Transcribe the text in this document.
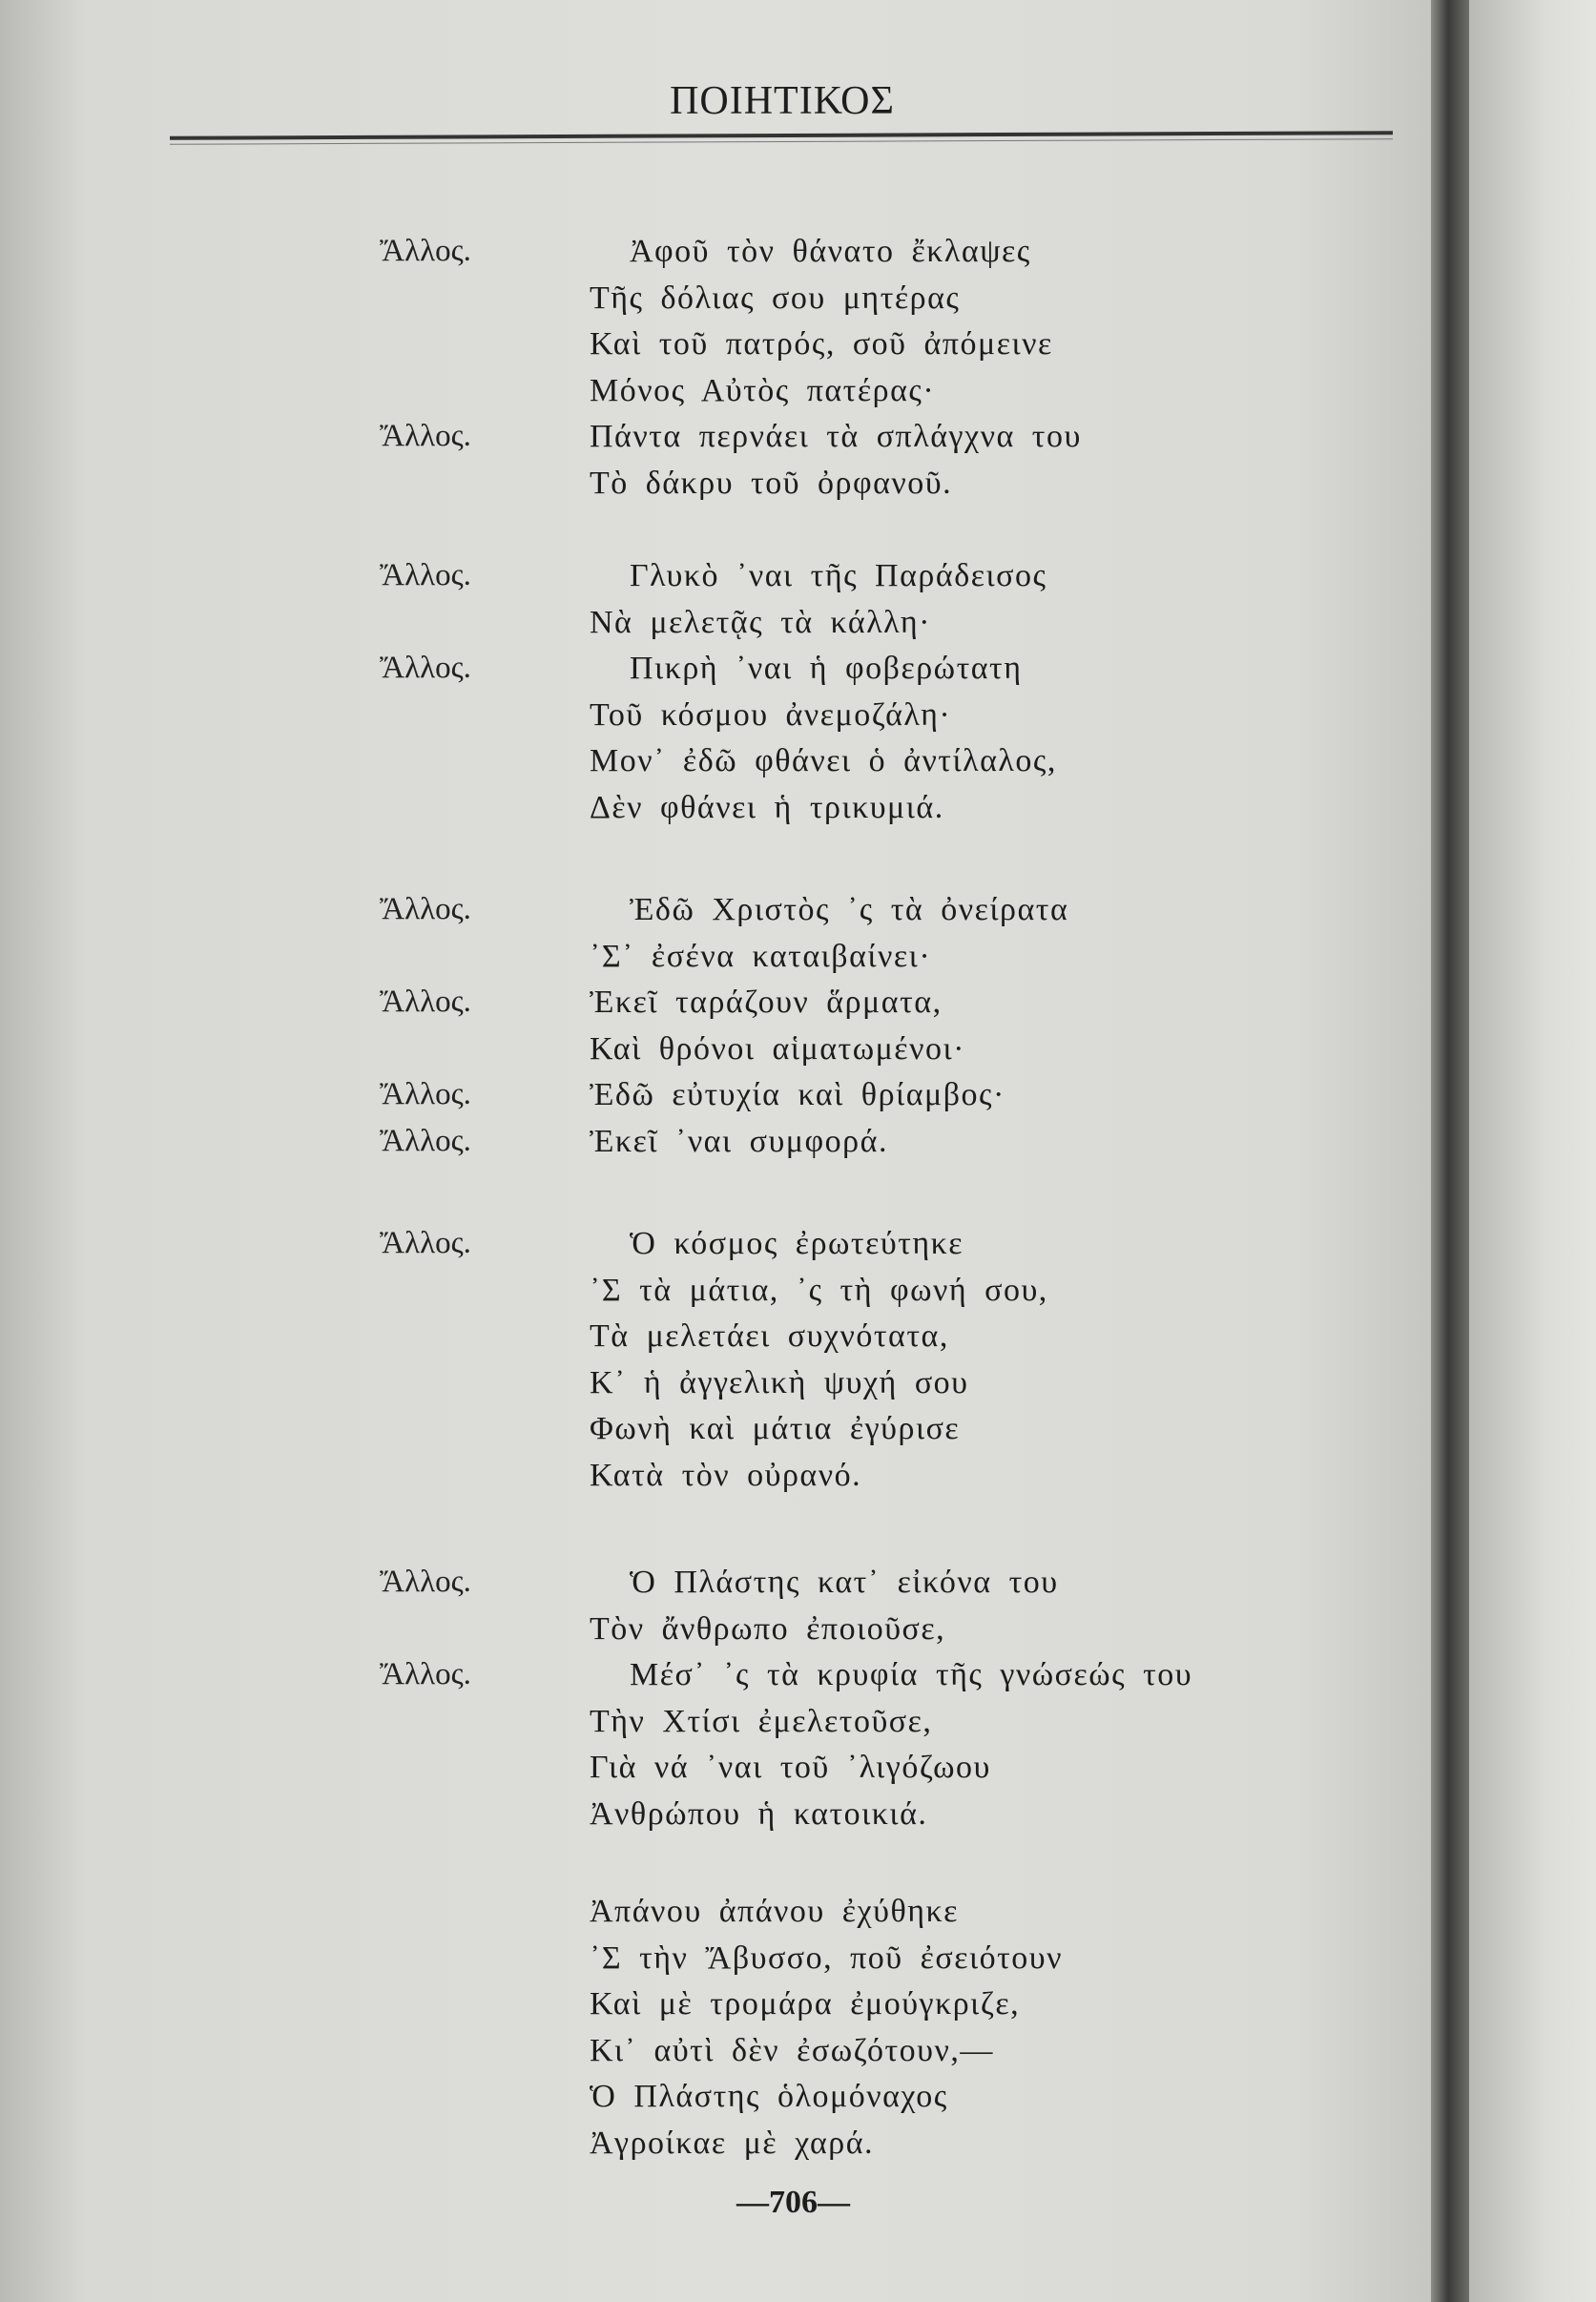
ΠΟΙΗΤΙΚΟΣ
Ἄλλος.	Ἀφοῦ τὸν θάνατο ἔκλαψες
Τῆς δόλιας σου μητέρας
Καὶ τοῦ πατρός, σοῦ ἀπόμεινε
Μόνος Αὐτὸς πατέρας·
Ἄλλος.	Πάντα περνάει τὰ σπλάγχνα του
Τὸ δάκρυ τοῦ ὀρφανοῦ.
Ἄλλος.	Γλυκὸ ᾽ναι τῆς Παράδεισος
Νὰ μελετᾷς τὰ κάλλη·
Ἄλλος.	Πικρὴ ᾽ναι ἡ φοβερώτατη
Τοῦ κόσμου ἀνεμοζάλη·
Μον᾽ ἐδῶ φθάνει ὁ ἀντίλαλος,
Δὲν φθάνει ἡ τρικυμιά.
Ἄλλος.	Ἐδῶ Χριστὸς ᾽ς τὰ ὀνείρατα
᾽Σ᾽ ἐσένα καταιβαίνει·
Ἄλλος.	Ἐκεῖ ταράζουν ἅρματα,
Καὶ θρόνοι αἱματωμένοι·
Ἄλλος.	Ἐδῶ εὐτυχία καὶ θρίαμβος·
Ἄλλος.	Ἐκεῖ ᾽ναι συμφορά.
Ἄλλος.	Ὁ κόσμος ἐρωτεύτηκε
᾽Σ τὰ μάτια, ᾽ς τὴ φωνή σου,
Τὰ μελετάει συχνότατα,
Κ᾽ ἡ ἀγγελικὴ ψυχή σου
Φωνὴ καὶ μάτια ἐγύρισε
Κατὰ τὸν οὐρανό.
Ἄλλος.	Ὁ Πλάστης κατ᾽ εἰκόνα του
Τὸν ἄνθρωπο ἐποιοῦσε,
Ἄλλος.	Μέσ᾽ ᾽ς τὰ κρυφία τῆς γνώσεώς του
Τὴν Χτίσι ἐμελετοῦσε,
Γιὰ νά ᾽ναι τοῦ ᾽λιγόζωου
Ἀνθρώπου ἡ κατοικιά.
Ἀπάνου ἀπάνου ἐχύθηκε
᾽Σ τὴν Ἄβυσσο, ποῦ ἐσειότουν
Καὶ μὲ τρομάρα ἐμούγκριζε,
Κι᾽ αὐτὶ δὲν ἐσωζότουν,—
Ὁ Πλάστης ὁλομόναχος
Ἀγροίκαε μὲ χαρά.
—706—
